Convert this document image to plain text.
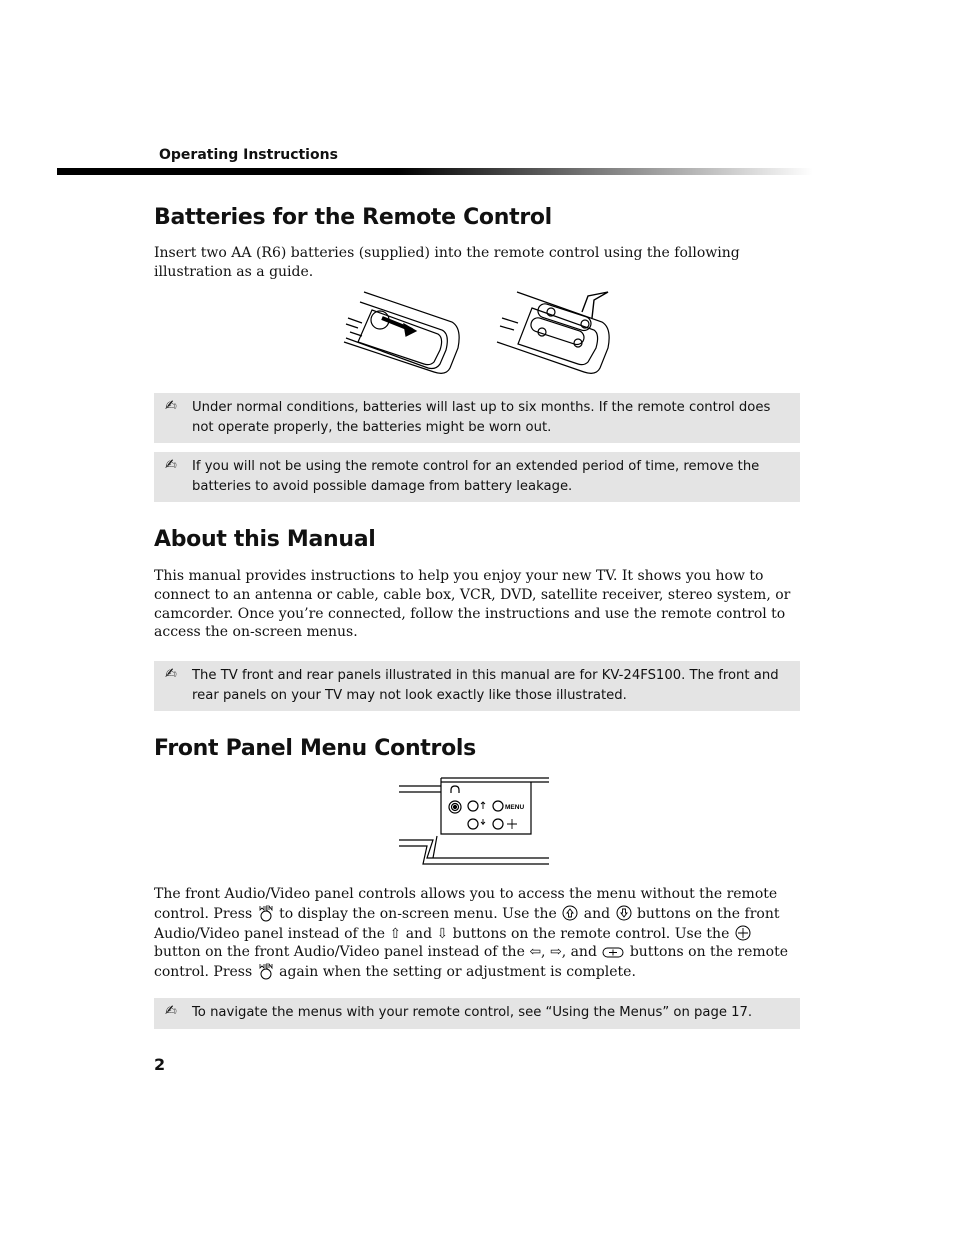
Operating Instructions
Batteries for the Remote Control
Insert two AA (R6) batteries (supplied) into the remote control using the following illustration as a guide.
✍ Under normal conditions, batteries will last up to six months. If the remote control does not operate properly, the batteries might be worn out.
✍ If you will not be using the remote control for an extended period of time, remove the batteries to avoid possible damage from battery leakage.
About this Manual
This manual provides instructions to help you enjoy your new TV. It shows you how to connect to an antenna or cable, cable box, VCR, DVD, satellite receiver, stereo system, or camcorder. Once you’re connected, follow the instructions and use the remote control to access the on-screen menus.
✍ The TV front and rear panels illustrated in this manual are for KV-24FS100. The front and rear panels on your TV may not look exactly like those illustrated.
Front Panel Menu Controls
MENU
The front Audio/Video panel controls allows you to access the menu without the remote control. Press  to display the on-screen menu. Use the  and  buttons on the front Audio/Video panel instead of the ⇧ and ⇩ buttons on the remote control. Use the  button on the front Audio/Video panel instead of the ⇦, ⇨, and  buttons on the remote control. Press  again when the setting or adjustment is complete.
✍ To navigate the menus with your remote control, see “Using the Menus” on page 17.
2
